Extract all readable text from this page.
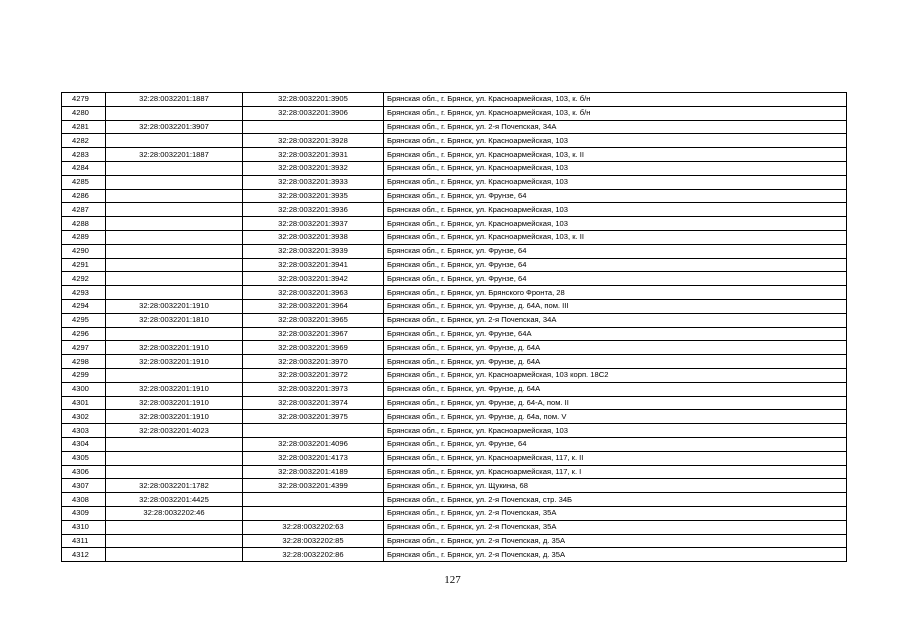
4279	32:28:0032201:1887	32:28:0032201:3905	Брянская обл., г. Брянск, ул. Красноармейская, 103, к. б/н
4280		32:28:0032201:3906	Брянская обл., г. Брянск, ул. Красноармейская, 103, к. б/н
4281	32:28:0032201:3907		Брянская обл., г. Брянск, ул. 2-я Почепская, 34А
4282		32:28:0032201:3928	Брянская обл., г. Брянск, ул. Красноармейская, 103
4283	32:28:0032201:1887	32:28:0032201:3931	Брянская обл., г. Брянск, ул. Красноармейская, 103, к. II
4284		32:28:0032201:3932	Брянская обл., г. Брянск, ул. Красноармейская, 103
4285		32:28:0032201:3933	Брянская обл., г. Брянск, ул. Красноармейская, 103
4286		32:28:0032201:3935	Брянская обл., г. Брянск, ул. Фрунзе, 64
4287		32:28:0032201:3936	Брянская обл., г. Брянск, ул. Красноармейская, 103
4288		32:28:0032201:3937	Брянская обл., г. Брянск, ул. Красноармейская, 103
4289		32:28:0032201:3938	Брянская обл., г. Брянск, ул. Красноармейская, 103, к. II
4290		32:28:0032201:3939	Брянская обл., г. Брянск, ул. Фрунзе, 64
4291		32:28:0032201:3941	Брянская обл., г. Брянск, ул. Фрунзе, 64
4292		32:28:0032201:3942	Брянская обл., г. Брянск, ул. Фрунзе, 64
4293		32:28:0032201:3963	Брянская обл., г. Брянск, ул. Брянского Фронта, 28
4294	32:28:0032201:1910	32:28:0032201:3964	Брянская обл., г. Брянск, ул. Фрунзе, д. 64А, пом. III
4295	32:28:0032201:1810	32:28:0032201:3965	Брянская обл., г. Брянск, ул. 2-я Почепская, 34А
4296		32:28:0032201:3967	Брянская обл., г. Брянск, ул. Фрунзе, 64А
4297	32:28:0032201:1910	32:28:0032201:3969	Брянская обл., г. Брянск, ул. Фрунзе, д. 64А
4298	32:28:0032201:1910	32:28:0032201:3970	Брянская обл., г. Брянск, ул. Фрунзе, д. 64А
4299		32:28:0032201:3972	Брянская обл., г. Брянск, ул. Красноармейская, 103 корп. 18С2
4300	32:28:0032201:1910	32:28:0032201:3973	Брянская обл., г. Брянск, ул. Фрунзе, д. 64А
4301	32:28:0032201:1910	32:28:0032201:3974	Брянская обл., г. Брянск, ул. Фрунзе, д. 64-А, пом. II
4302	32:28:0032201:1910	32:28:0032201:3975	Брянская обл., г. Брянск, ул. Фрунзе, д. 64а, пом. V
4303	32:28:0032201:4023		Брянская обл., г. Брянск, ул. Красноармейская, 103
4304		32:28:0032201:4096	Брянская обл., г. Брянск, ул. Фрунзе, 64
4305		32:28:0032201:4173	Брянская обл., г. Брянск, ул. Красноармейская, 117, к. II
4306		32:28:0032201:4189	Брянская обл., г. Брянск, ул. Красноармейская, 117, к. I
4307	32:28:0032201:1782	32:28:0032201:4399	Брянская обл., г. Брянск, ул. Щукина, 68
4308	32:28:0032201:4425		Брянская обл., г. Брянск, ул. 2-я Почепская, стр. 34Б
4309	32:28:0032202:46		Брянская обл., г. Брянск, ул. 2-я Почепская, 35А
4310		32:28:0032202:63	Брянская обл., г. Брянск, ул. 2-я Почепская, 35А
4311		32:28:0032202:85	Брянская обл., г. Брянск, ул. 2-я Почепская, д. 35А
4312		32:28:0032202:86	Брянская обл., г. Брянск, ул. 2-я Почепская, д. 35А
127
